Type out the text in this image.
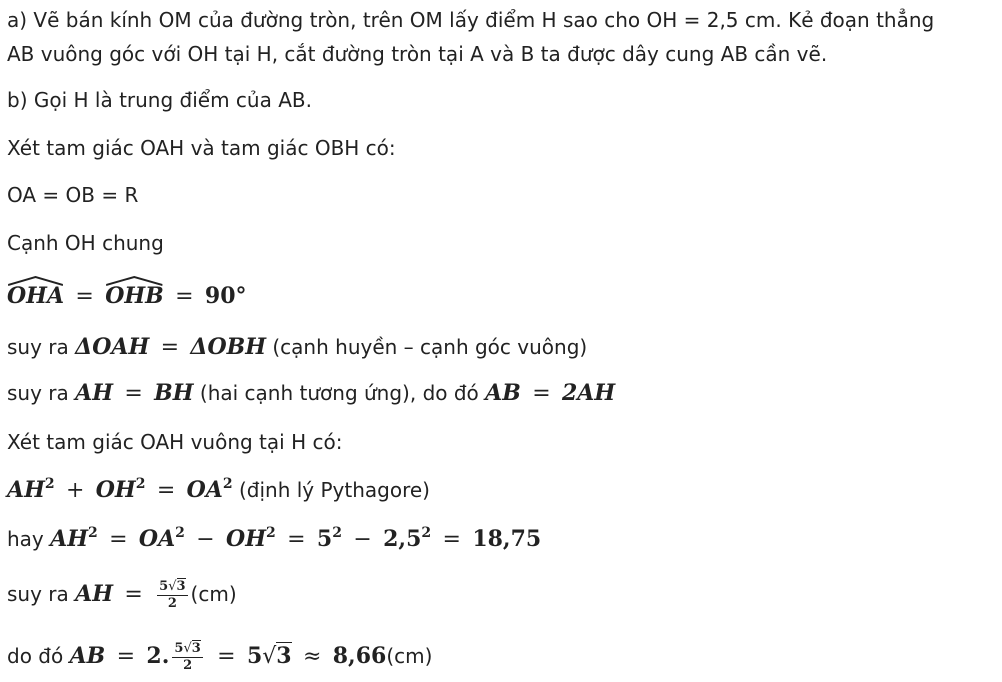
a) Vẽ bán kính OM của đường tròn, trên OM lấy điểm H sao cho OH = 2,5 cm. Kẻ đoạn thẳng
AB vuông góc với OH tại H, cắt đường tròn tại A và B ta được dây cung AB cần vẽ.
b) Gọi H là trung điểm của AB.
Xét tam giác OAH và tam giác OBH có:
OA = OB = R
Cạnh OH chung
OHA = OHB = 90°
suy ra ΔOAH = ΔOBH (cạnh huyền – cạnh góc vuông)
suy ra AH = BH (hai cạnh tương ứng), do đó AB = 2AH
Xét tam giác OAH vuông tại H có:
$AH^2 + OH^2 = OA^2$ (định lý Pythagore)
hay $AH^2 = OA^2 - OH^2 = 5^2 - 2,5^2 = 18,75$
suy ra AH = $\frac{5√3}{2} (cm)$
do đó AB = 2. $\frac{5√3}{2} = 5√3 \approx 8,66(cm)$
